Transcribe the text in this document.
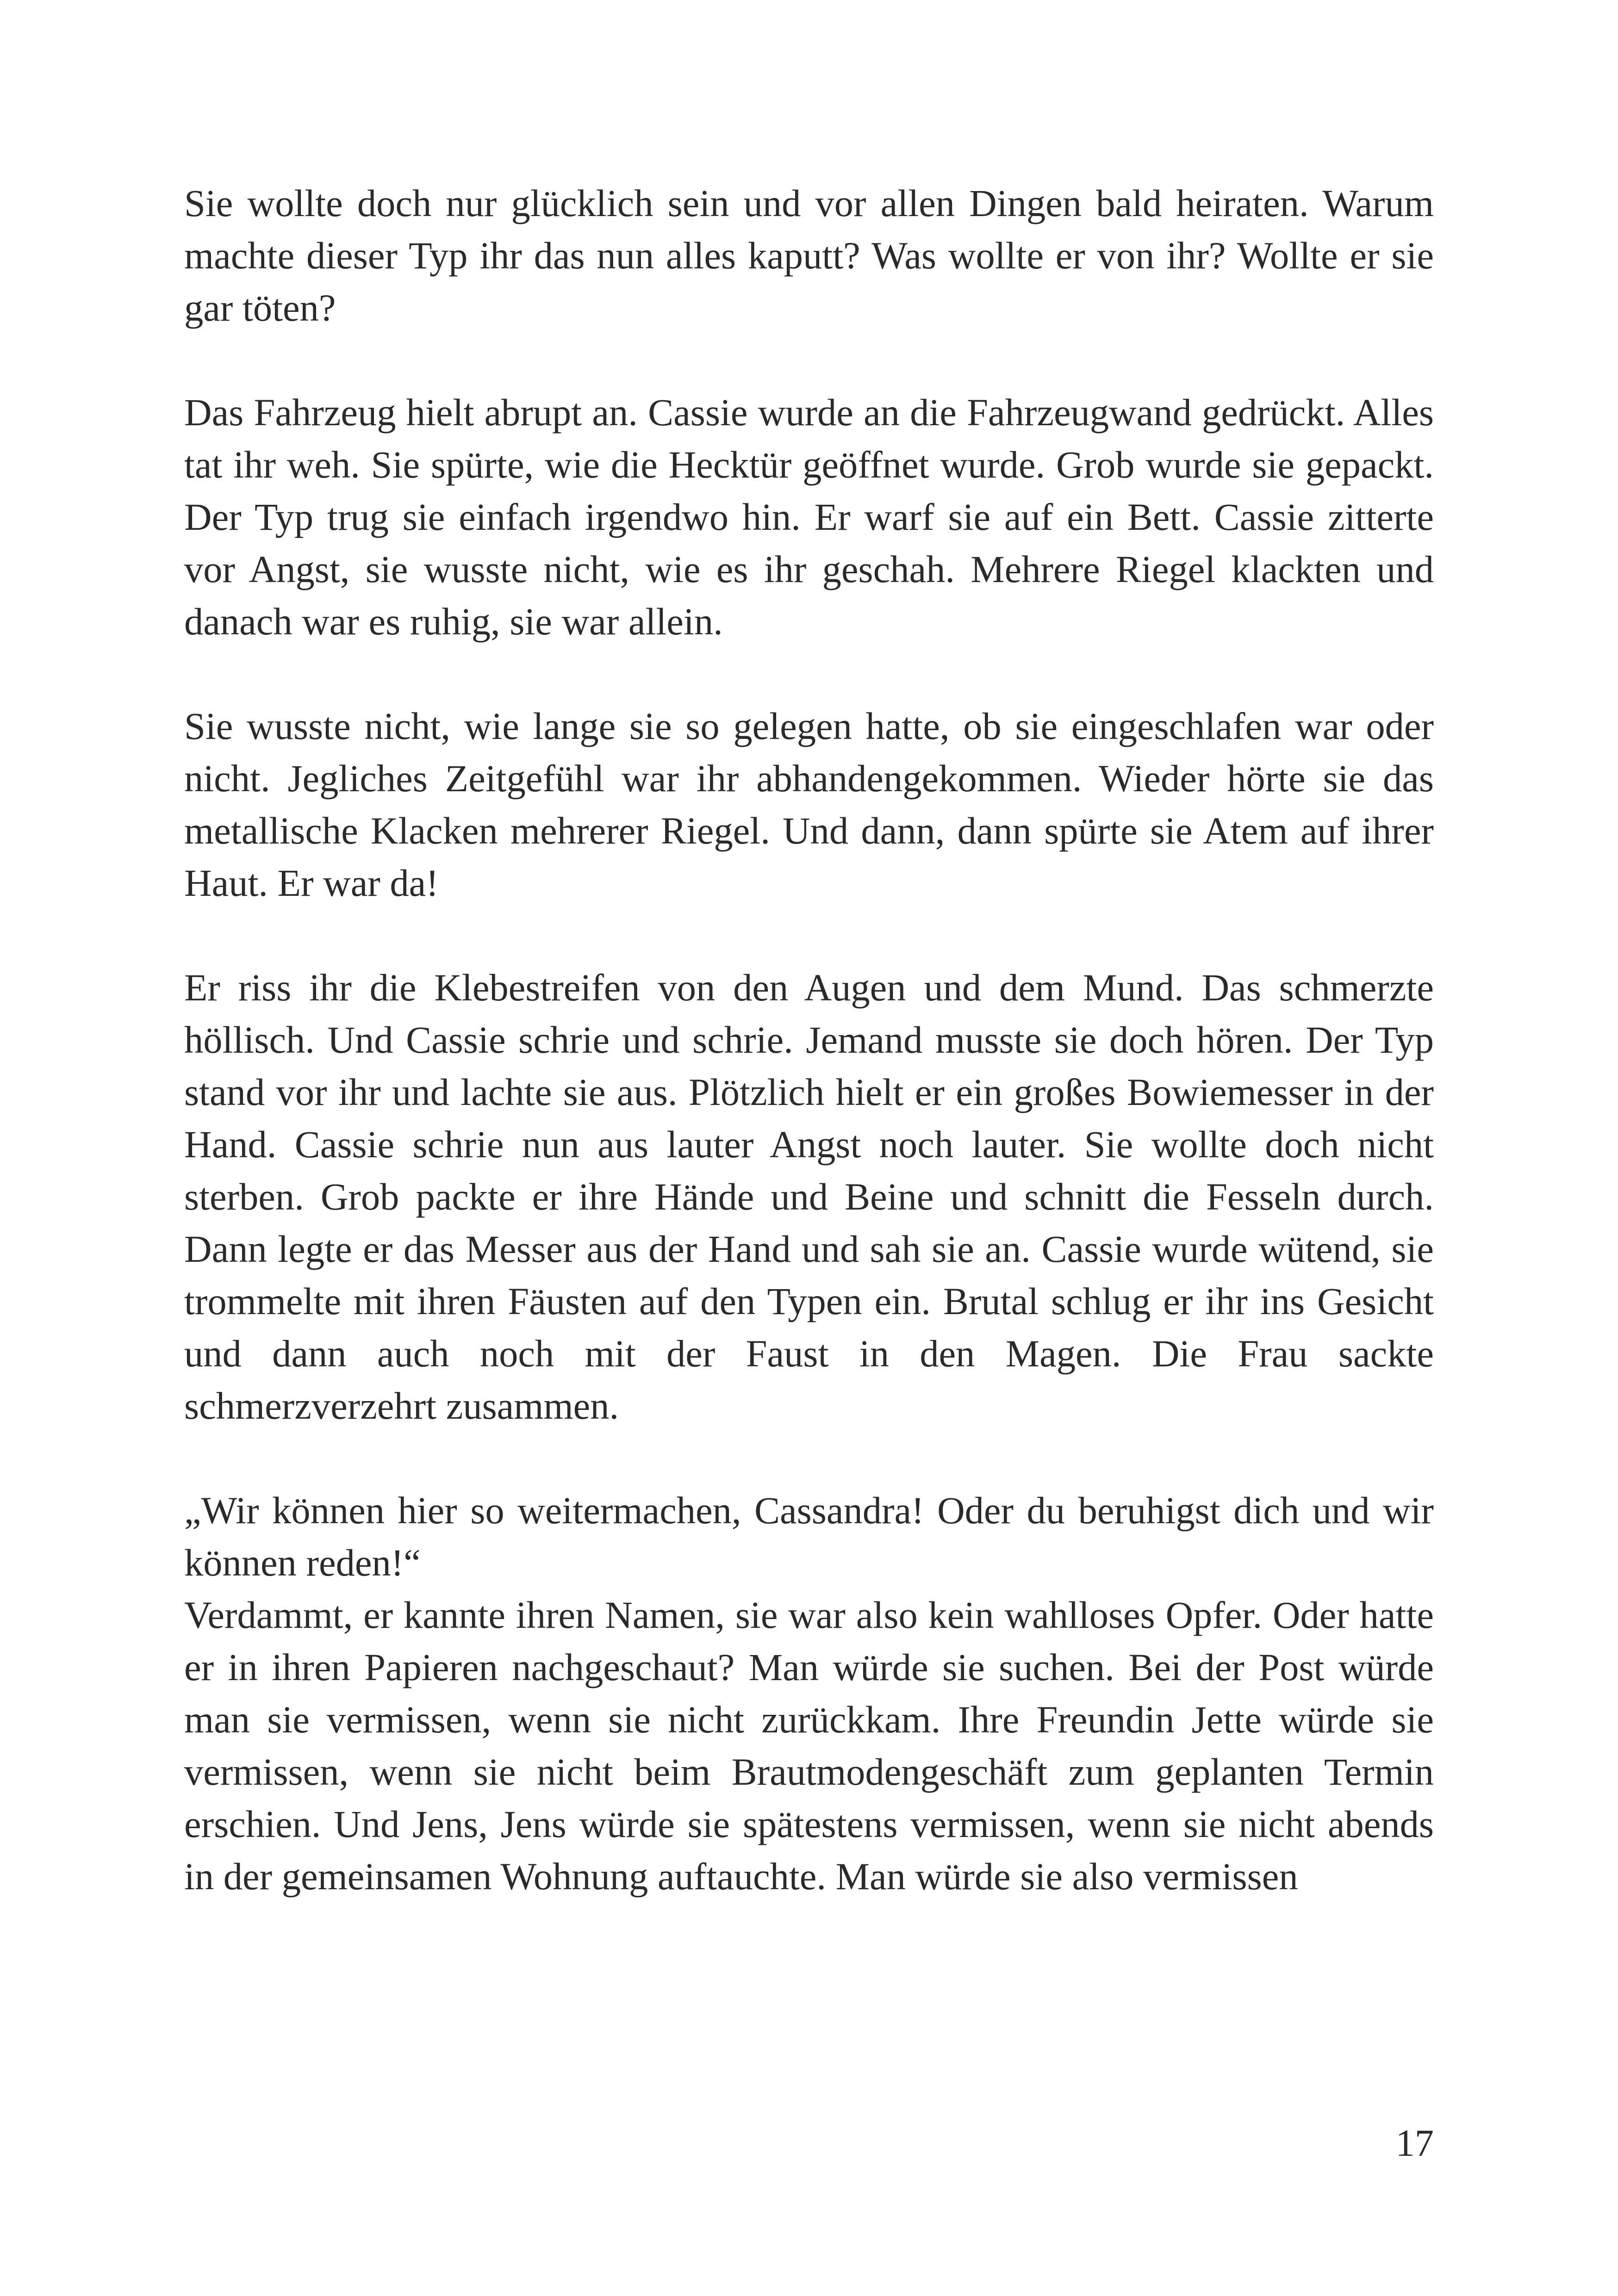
Sie wollte doch nur glücklich sein und vor allen Dingen bald heiraten. Warum machte dieser Typ ihr das nun alles kaputt? Was wollte er von ihr? Wollte er sie gar töten?

Das Fahrzeug hielt abrupt an. Cassie wurde an die Fahrzeugwand gedrückt. Alles tat ihr weh. Sie spürte, wie die Hecktür geöffnet wurde. Grob wurde sie gepackt. Der Typ trug sie einfach irgendwo hin. Er warf sie auf ein Bett. Cassie zitterte vor Angst, sie wusste nicht, wie es ihr geschah. Mehrere Riegel klackten und danach war es ruhig, sie war allein.

Sie wusste nicht, wie lange sie so gelegen hatte, ob sie eingeschlafen war oder nicht. Jegliches Zeitgefühl war ihr abhandengekommen. Wieder hörte sie das metallische Klacken mehrerer Riegel. Und dann, dann spürte sie Atem auf ihrer Haut. Er war da!

Er riss ihr die Klebestreifen von den Augen und dem Mund. Das schmerzte höllisch. Und Cassie schrie und schrie. Jemand musste sie doch hören. Der Typ stand vor ihr und lachte sie aus. Plötzlich hielt er ein großes Bowiemesser in der Hand. Cassie schrie nun aus lauter Angst noch lauter. Sie wollte doch nicht sterben. Grob packte er ihre Hände und Beine und schnitt die Fesseln durch. Dann legte er das Messer aus der Hand und sah sie an. Cassie wurde wütend, sie trommelte mit ihren Fäusten auf den Typen ein. Brutal schlug er ihr ins Gesicht und dann auch noch mit der Faust in den Magen. Die Frau sackte schmerzverzehrt zusammen.

„Wir können hier so weitermachen, Cassandra! Oder du beruhigst dich und wir können reden!“

Verdammt, er kannte ihren Namen, sie war also kein wahlloses Opfer. Oder hatte er in ihren Papieren nachgeschaut? Man würde sie suchen. Bei der Post würde man sie vermissen, wenn sie nicht zurückkam. Ihre Freundin Jette würde sie vermissen, wenn sie nicht beim Brautmodengeschäft zum geplanten Termin erschien. Und Jens, Jens würde sie spätestens vermissen, wenn sie nicht abends in der gemeinsamen Wohnung auftauchte. Man würde sie also vermissen

17
